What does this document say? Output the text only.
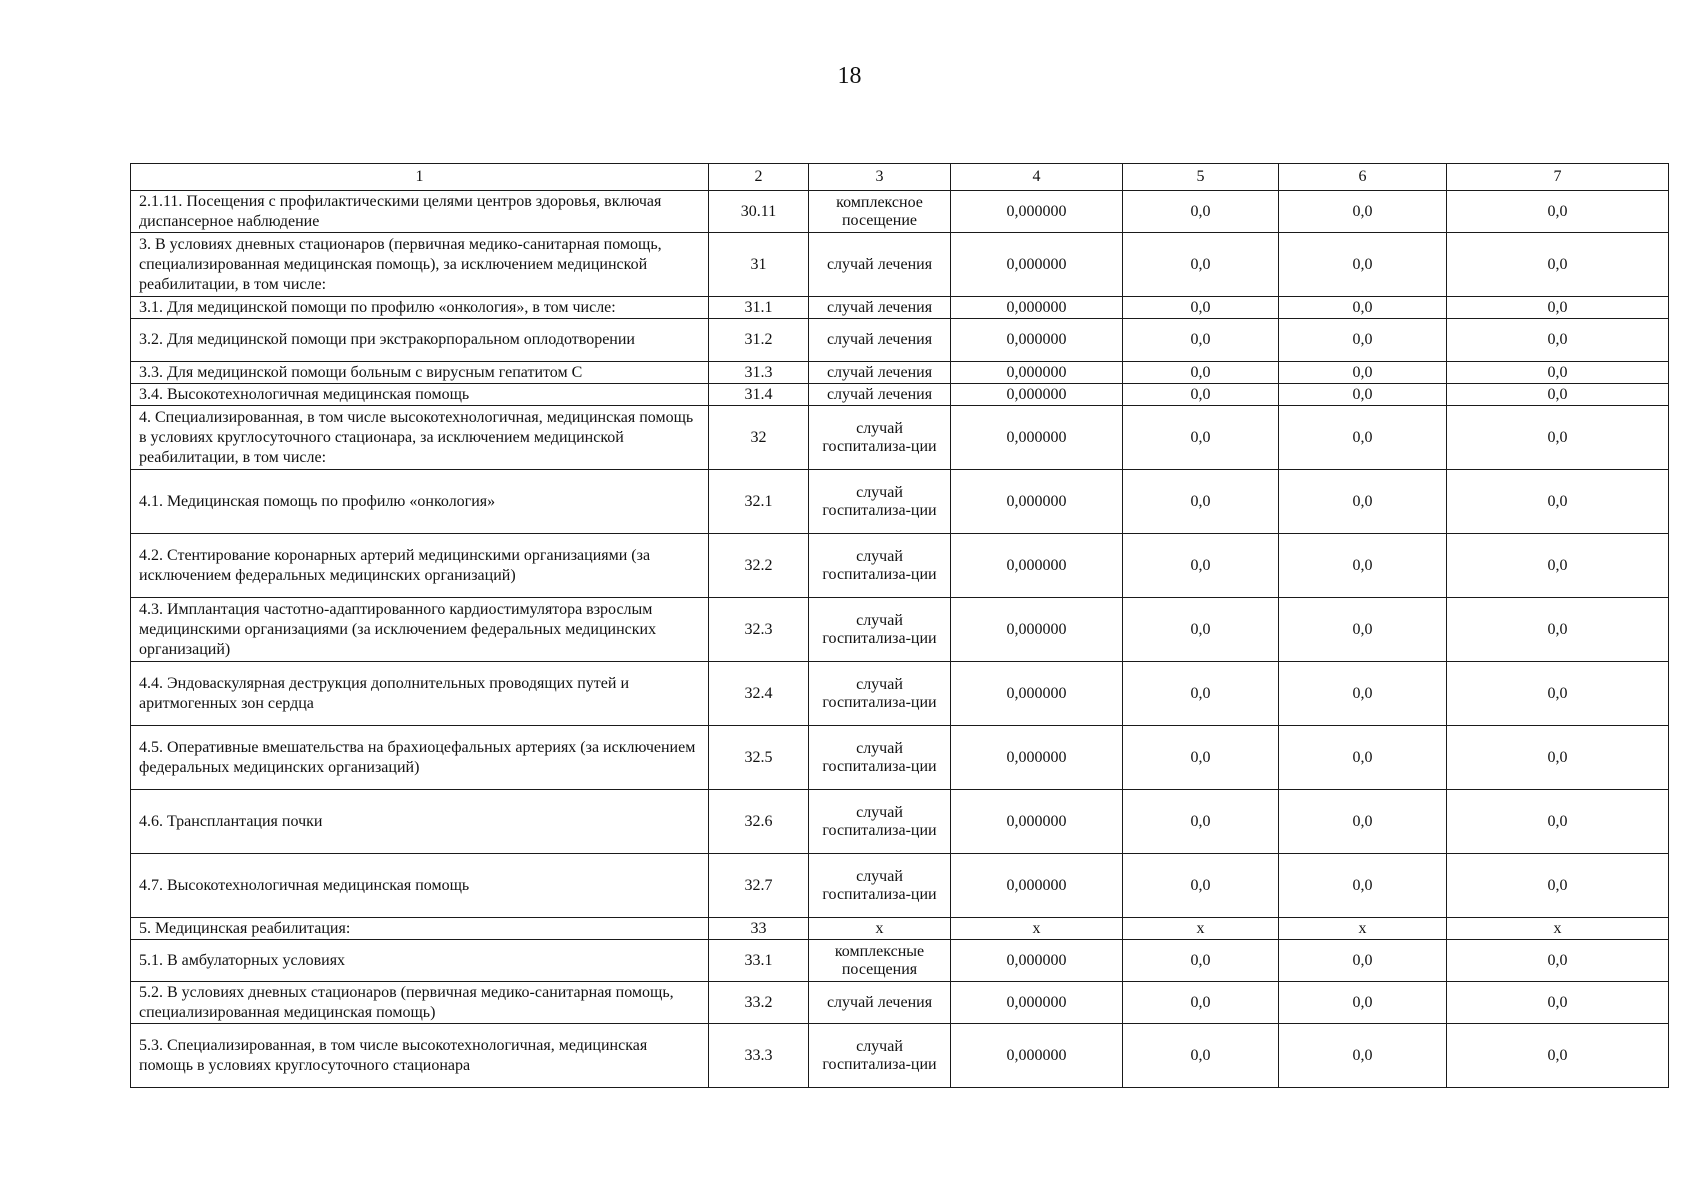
18
1	2	3	4	5	6	7
2.1.11. Посещения с профилактическими целями центров здоровья, включая диспансерное наблюдение	30.11	комплексное посещение	0,000000	0,0	0,0	0,0
3. В условиях дневных стационаров (первичная медико-санитарная помощь, специализированная медицинская помощь), за исключением медицинской реабилитации, в том числе:	31	случай лечения	0,000000	0,0	0,0	0,0
3.1. Для медицинской помощи по профилю «онкология», в том числе:	31.1	случай лечения	0,000000	0,0	0,0	0,0
3.2. Для медицинской помощи при экстракорпоральном оплодотворении	31.2	случай лечения	0,000000	0,0	0,0	0,0
3.3. Для медицинской помощи больным с вирусным гепатитом С	31.3	случай лечения	0,000000	0,0	0,0	0,0
3.4. Высокотехнологичная медицинская помощь	31.4	случай лечения	0,000000	0,0	0,0	0,0
4. Специализированная, в том числе высокотехнологичная, медицинская помощь в условиях круглосуточного стационара, за исключением медицинской реабилитации, в том числе:	32	случай госпитализа-ции	0,000000	0,0	0,0	0,0
4.1. Медицинская помощь по профилю «онкология»	32.1	случай госпитализа-ции	0,000000	0,0	0,0	0,0
4.2. Стентирование коронарных артерий медицинскими организациями (за исключением федеральных медицинских организаций)	32.2	случай госпитализа-ции	0,000000	0,0	0,0	0,0
4.3. Имплантация частотно-адаптированного кардиостимулятора взрослым медицинскими организациями (за исключением федеральных медицинских организаций)	32.3	случай госпитализа-ции	0,000000	0,0	0,0	0,0
4.4. Эндоваскулярная деструкция дополнительных проводящих путей и аритмогенных зон сердца	32.4	случай госпитализа-ции	0,000000	0,0	0,0	0,0
4.5. Оперативные вмешательства на брахиоцефальных артериях (за исключением федеральных медицинских организаций)	32.5	случай госпитализа-ции	0,000000	0,0	0,0	0,0
4.6. Трансплантация почки	32.6	случай госпитализа-ции	0,000000	0,0	0,0	0,0
4.7. Высокотехнологичная медицинская помощь	32.7	случай госпитализа-ции	0,000000	0,0	0,0	0,0
5. Медицинская реабилитация:	33	х	х	х	х	х
5.1. В амбулаторных условиях	33.1	комплексные посещения	0,000000	0,0	0,0	0,0
5.2. В условиях дневных стационаров (первичная медико-санитарная помощь, специализированная медицинская помощь)	33.2	случай лечения	0,000000	0,0	0,0	0,0
5.3. Специализированная, в том числе высокотехнологичная, медицинская помощь в условиях круглосуточного стационара	33.3	случай госпитализа-ции	0,000000	0,0	0,0	0,0
